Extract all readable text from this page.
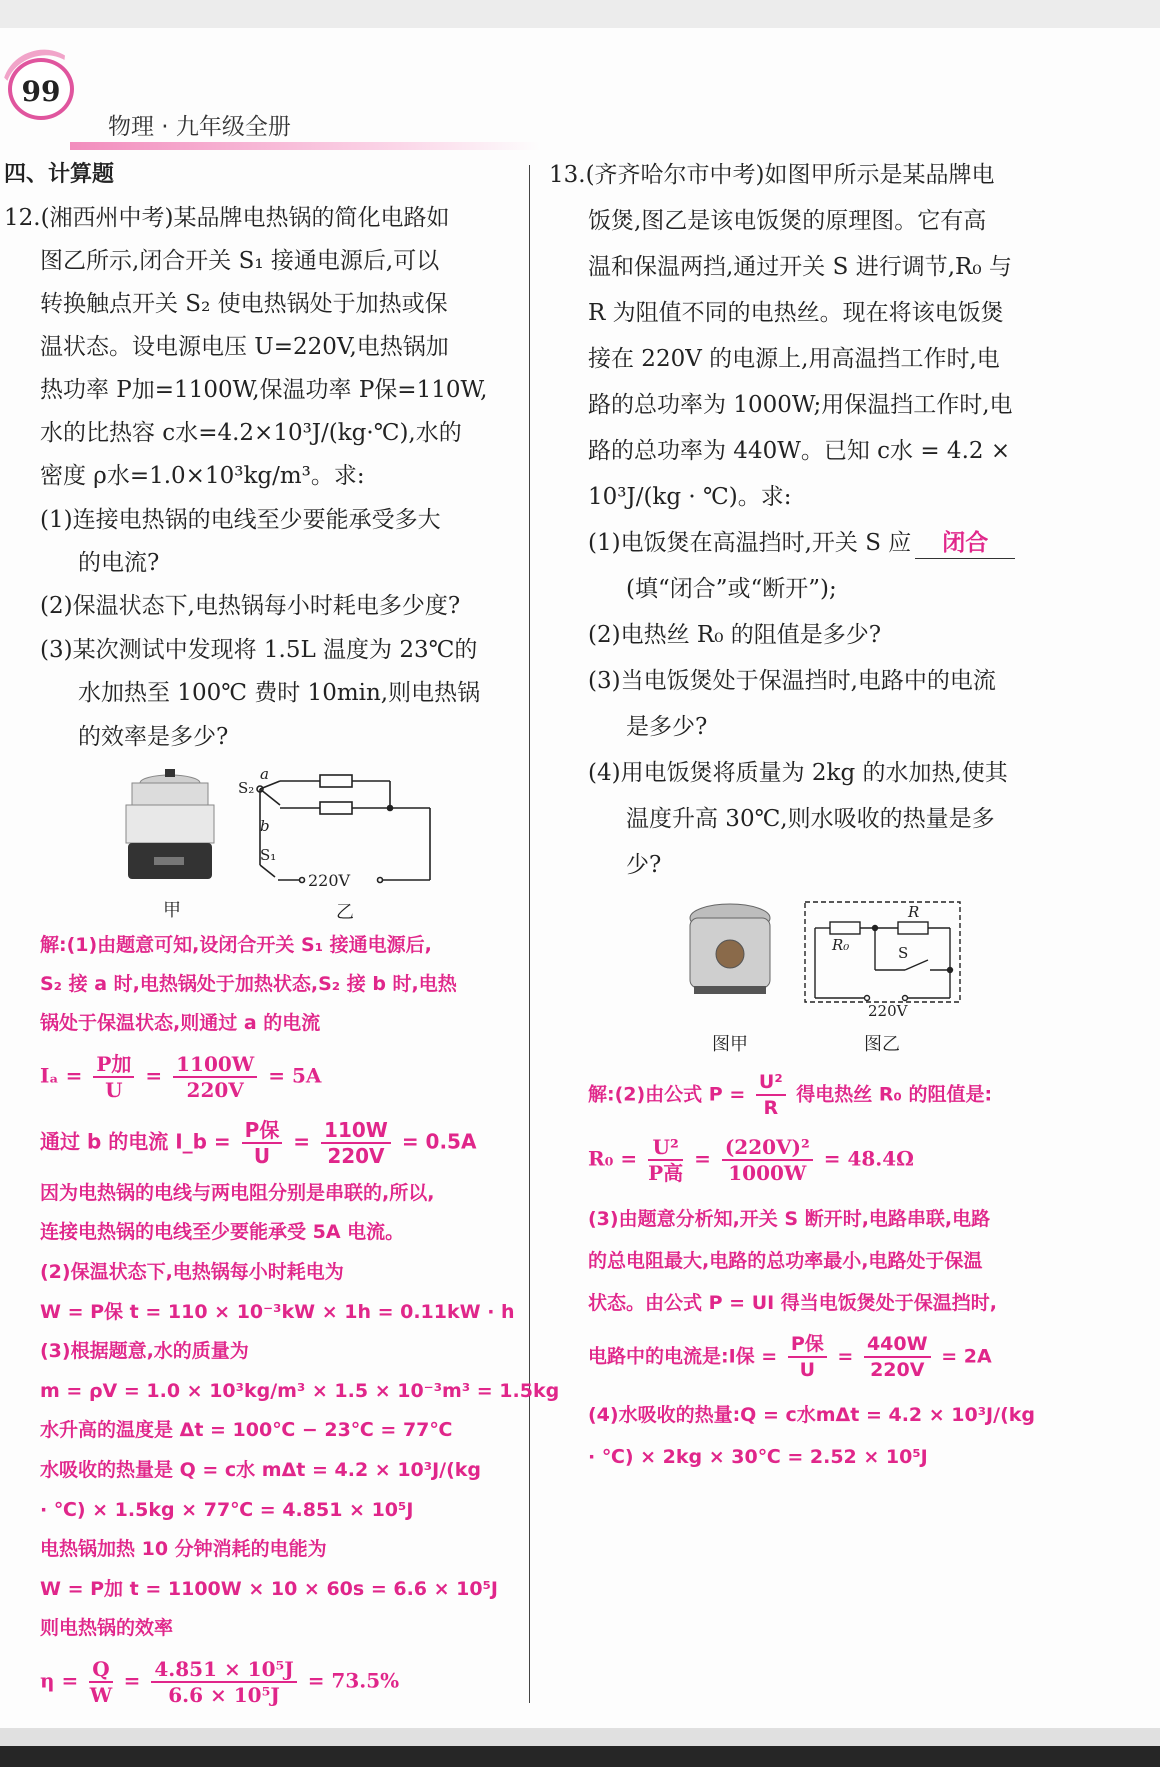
99
物理 · 九年级全册
四、计算题
12.(湘西州中考)某品牌电热锅的简化电路如
图乙所示,闭合开关 S₁ 接通电源后,可以
转换触点开关 S₂ 使电热锅处于加热或保
温状态。设电源电压 U=220V,电热锅加
热功率 P加=1100W,保温功率 P保=110W,
水的比热容 c水=4.2×10³J/(kg·℃),水的
密度 ρ水=1.0×10³kg/m³。求:
(1)连接电热锅的电线至少要能承受多大
的电流?
(2)保温状态下,电热锅每小时耗电多少度?
(3)某次测试中发现将 1.5L 温度为 23℃的
水加热至 100℃ 费时 10min,则电热锅
的效率是多少?
a
S₂
b
S₁
220V
甲	乙
解:(1)由题意可知,设闭合开关 S₁ 接通电源后,
S₂ 接 a 时,电热锅处于加热状态,S₂ 接 b 时,电热
锅处于保温状态,则通过 a 的电流
$I_a = \frac{\text{P加}}{U} = \frac{1100W}{220V} = 5A$
通过 b 的电流 I_b = $\frac{\text{P保}}{U} = \frac{110W}{220V} = 0.5A$
因为电热锅的电线与两电阻分别是串联的,所以,
连接电热锅的电线至少要能承受 5A 电流。
(2)保温状态下,电热锅每小时耗电为
W = P保 t = 110 × 10⁻³kW × 1h = 0.11kW · h
(3)根据题意,水的质量为
m = ρV = 1.0 × 10³kg/m³ × 1.5 × 10⁻³m³ = 1.5kg
水升高的温度是 Δt = 100℃ − 23℃ = 77℃
水吸收的热量是 Q = c水 mΔt = 4.2 × 10³J/(kg
· ℃) × 1.5kg × 77℃ = 4.851 × 10⁵J
电热锅加热 10 分钟消耗的电能为
W = P加 t = 1100W × 10 × 60s = 6.6 × 10⁵J
则电热锅的效率
$\eta = \frac{Q}{W} = \frac{\text{4.851 × 10⁵J}}{\text{6.6 × 10⁵J}} = 73.5\%$
13.(齐齐哈尔市中考)如图甲所示是某品牌电
饭煲,图乙是该电饭煲的原理图。它有高
温和保温两挡,通过开关 S 进行调节,R₀ 与
R 为阻值不同的电热丝。现在将该电饭煲
接在 220V 的电源上,用高温挡工作时,电
路的总功率为 1000W;用保温挡工作时,电
路的总功率为 440W。已知 c水 = 4.2 ×
10³J/(kg · ℃)。求:
(1)电饭煲在高温挡时,开关 S 应 闭合
(填“闭合”或“断开”);
(2)电热丝 R₀ 的阻值是多少?
(3)当电饭煲处于保温挡时,电路中的电流
是多少?
(4)用电饭煲将质量为 2kg 的水加热,使其
温度升高 30℃,则水吸收的热量是多
少?
R
R₀	S
220V
图甲	图乙
解:(2)由公式 $P = \frac{\text{U²}}{R}$ 得电热丝 R₀ 的阻值是:
$R_0 = \frac{\text{U²}}{\text{P高}} = \frac{\text{(220V)²}}{1000W} = 48.4\Omega$
(3)由题意分析知,开关 S 断开时,电路串联,电路
的总电阻最大,电路的总功率最小,电路处于保温
状态。由公式 P = UI 得当电饭煲处于保温挡时,
电路中的电流是:I保 = $\frac{\text{P保}}{U} = \frac{440W}{220V} = 2A$
(4)水吸收的热量:Q = c水mΔt = 4.2 × 10³J/(kg
· ℃) × 2kg × 30℃ = 2.52 × 10⁵J
